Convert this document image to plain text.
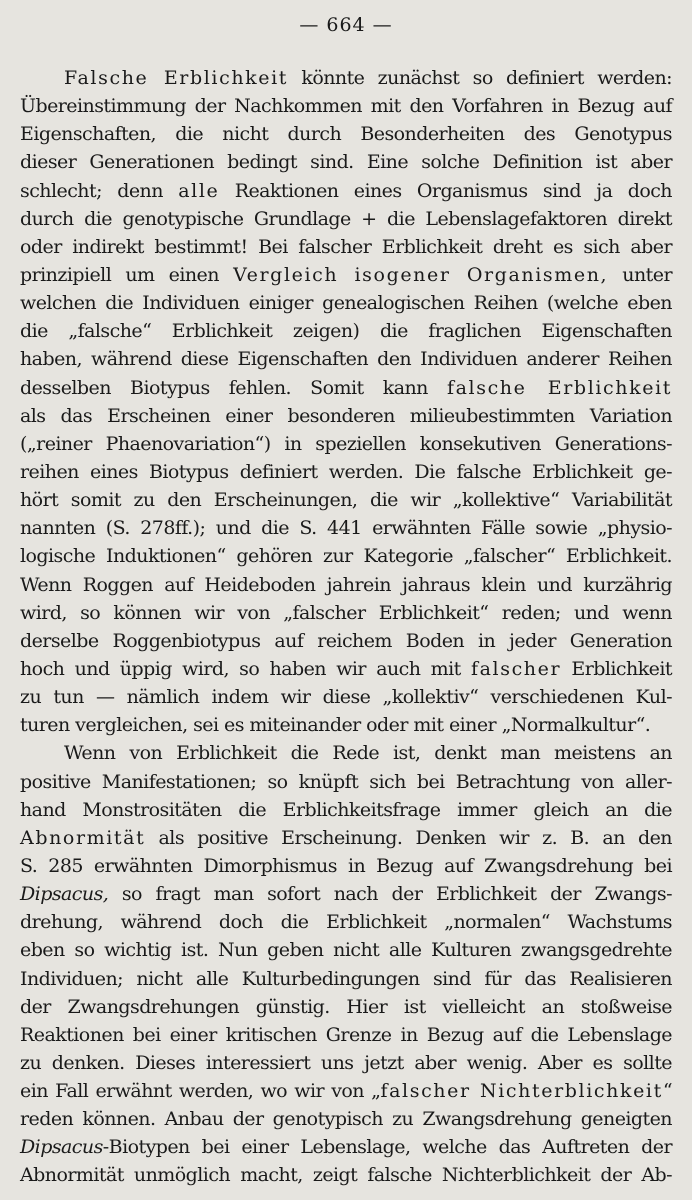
— 664 —
Falsche Erblichkeit könnte zunächst so definiert werden:
Übereinstimmung der Nachkommen mit den Vorfahren in Bezug auf
Eigenschaften, die nicht durch Besonderheiten des Genotypus
dieser Generationen bedingt sind. Eine solche Definition ist aber
schlecht; denn alle Reaktionen eines Organismus sind ja doch
durch die genotypische Grundlage + die Lebenslagefaktoren direkt
oder indirekt bestimmt! Bei falscher Erblichkeit dreht es sich aber
prinzipiell um einen Vergleich isogener Organismen, unter
welchen die Individuen einiger genealogischen Reihen (welche eben
die „falsche“ Erblichkeit zeigen) die fraglichen Eigenschaften
haben, während diese Eigenschaften den Individuen anderer Reihen
desselben Biotypus fehlen. Somit kann falsche Erblichkeit
als das Erscheinen einer besonderen milieubestimmten Variation
(„reiner Phaenovariation“) in speziellen konsekutiven Generations-
reihen eines Biotypus definiert werden. Die falsche Erblichkeit ge-
hört somit zu den Erscheinungen, die wir „kollektive“ Variabilität
nannten (S. 278ff.); und die S. 441 erwähnten Fälle sowie „physio-
logische Induktionen“ gehören zur Kategorie „falscher“ Erblichkeit.
Wenn Roggen auf Heideboden jahrein jahraus klein und kurzährig
wird, so können wir von „falscher Erblichkeit“ reden; und wenn
derselbe Roggenbiotypus auf reichem Boden in jeder Generation
hoch und üppig wird, so haben wir auch mit falscher Erblichkeit
zu tun — nämlich indem wir diese „kollektiv“ verschiedenen Kul-
turen vergleichen, sei es miteinander oder mit einer „Normalkultur“.
Wenn von Erblichkeit die Rede ist, denkt man meistens an
positive Manifestationen; so knüpft sich bei Betrachtung von aller-
hand Monstrositäten die Erblichkeitsfrage immer gleich an die
Abnormität als positive Erscheinung. Denken wir z. B. an den
S. 285 erwähnten Dimorphismus in Bezug auf Zwangsdrehung bei
Dipsacus, so fragt man sofort nach der Erblichkeit der Zwangs-
drehung, während doch die Erblichkeit „normalen“ Wachstums
eben so wichtig ist. Nun geben nicht alle Kulturen zwangsgedrehte
Individuen; nicht alle Kulturbedingungen sind für das Realisieren
der Zwangsdrehungen günstig. Hier ist vielleicht an stoßweise
Reaktionen bei einer kritischen Grenze in Bezug auf die Lebenslage
zu denken. Dieses interessiert uns jetzt aber wenig. Aber es sollte
ein Fall erwähnt werden, wo wir von „falscher Nichterblichkeit“
reden können. Anbau der genotypisch zu Zwangsdrehung geneigten
Dipsacus-Biotypen bei einer Lebenslage, welche das Auftreten der
Abnormität unmöglich macht, zeigt falsche Nichterblichkeit der Ab-
